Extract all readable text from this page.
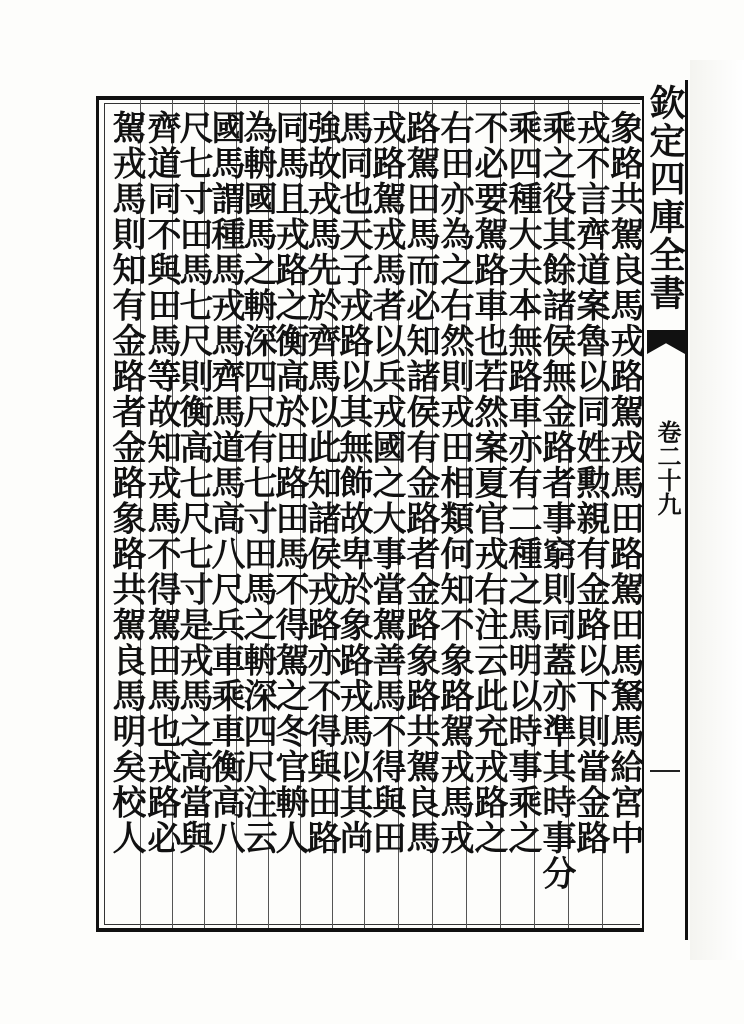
象路共駕良馬戎路駕戎馬田路駕田馬駑馬給宮中
戎不言齊道案魯以同姓勲親有金路以下則當金路
乘之役其餘諸侯無金路者事窮則同蓋亦準其時事分
乘四種大夫本無路車亦有二種之馬明以時事乘之
不必要駕路車也若然案夏官戎右注云此充戎路之
右田亦為之右然則戎田相類何知不象路駕戎馬戎
路駕田馬而必知諸侯有金路者金路象路共駕良馬
戎路駕戎馬者以兵戎國之大事當駕善馬不得與田
馬同也天子戎路以其無飾故卑於象路戎馬以其尚
強故戎馬先於齊馬以此知諸侯戎路亦不得與田路
同馬且戎路之衡高於田路田馬不得駕之冬官輈人
為輈國馬之輈深四尺有七寸田馬之輈深四尺注云
國馬謂種馬戎馬齊馬道馬高八尺兵車乘車衡高八
尺七寸田馬七尺則衡高七尺七寸是戎馬之高當與
齊道同不與田馬等故知戎馬不得駕田馬也戎路必
駕戎馬則知有金路者金路象路共駕良馬明矣校人	欽定四庫全書
卷二十九
